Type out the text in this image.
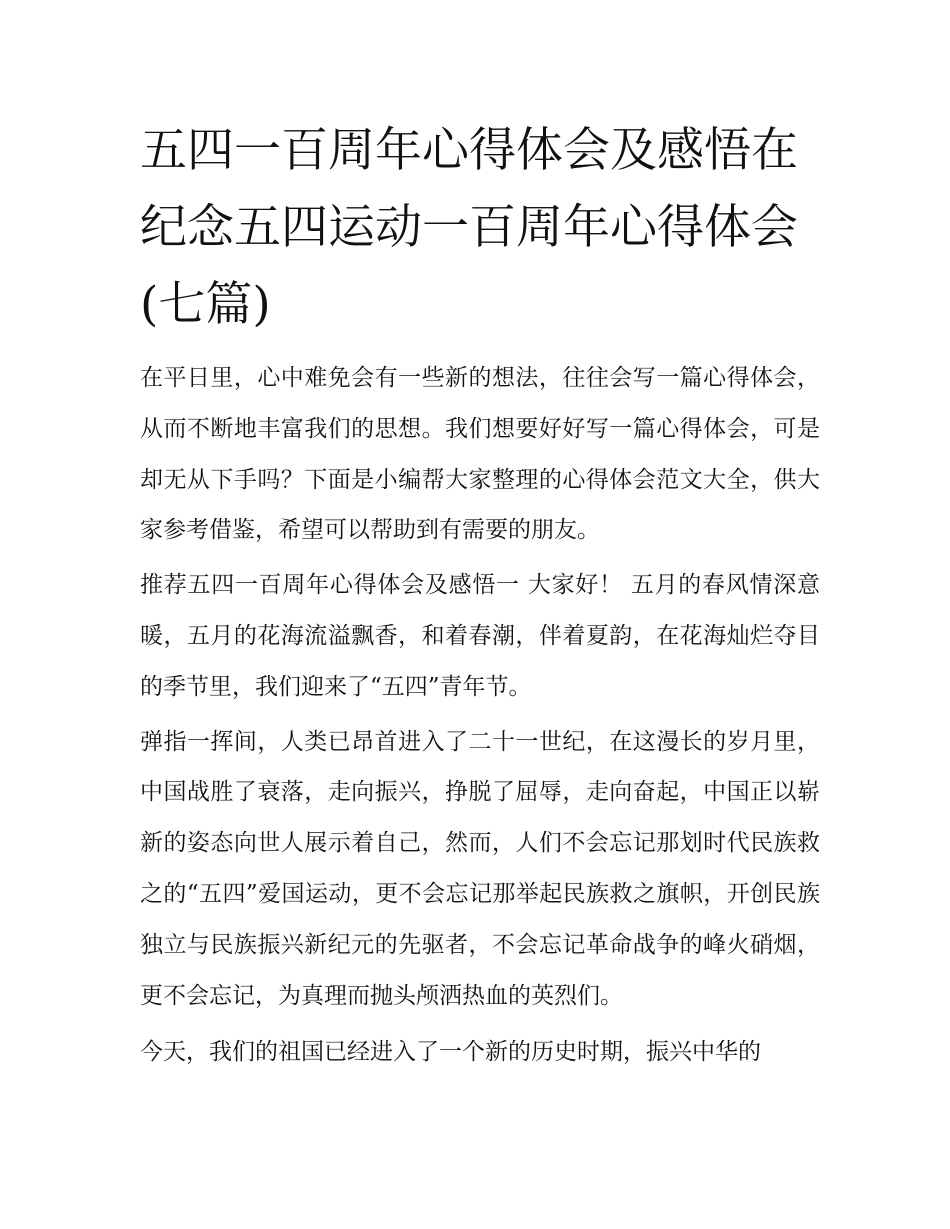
五四一百周年心得体会及感悟在纪念五四运动一百周年心得体会(七篇)

在平日里，心中难免会有一些新的想法，往往会写一篇心得体会，从而不断地丰富我们的思想。我们想要好好写一篇心得体会，可是却无从下手吗？下面是小编帮大家整理的心得体会范文大全，供大家参考借鉴，希望可以帮助到有需要的朋友。

推荐五四一百周年心得体会及感悟一 大家好！ 五月的春风情深意暖，五月的花海流溢飘香，和着春潮，伴着夏韵，在花海灿烂夺目的季节里，我们迎来了“五四”青年节。

弹指一挥间，人类已昂首进入了二十一世纪，在这漫长的岁月里，中国战胜了衰落，走向振兴，挣脱了屈辱，走向奋起，中国正以崭新的姿态向世人展示着自己，然而，人们不会忘记那划时代民族救之的“五四”爱国运动，更不会忘记那举起民族救之旗帜，开创民族独立与民族振兴新纪元的先驱者，不会忘记革命战争的峰火硝烟，更不会忘记，为真理而抛头颅洒热血的英烈们。

今天，我们的祖国已经进入了一个新的历史时期，振兴中华的
